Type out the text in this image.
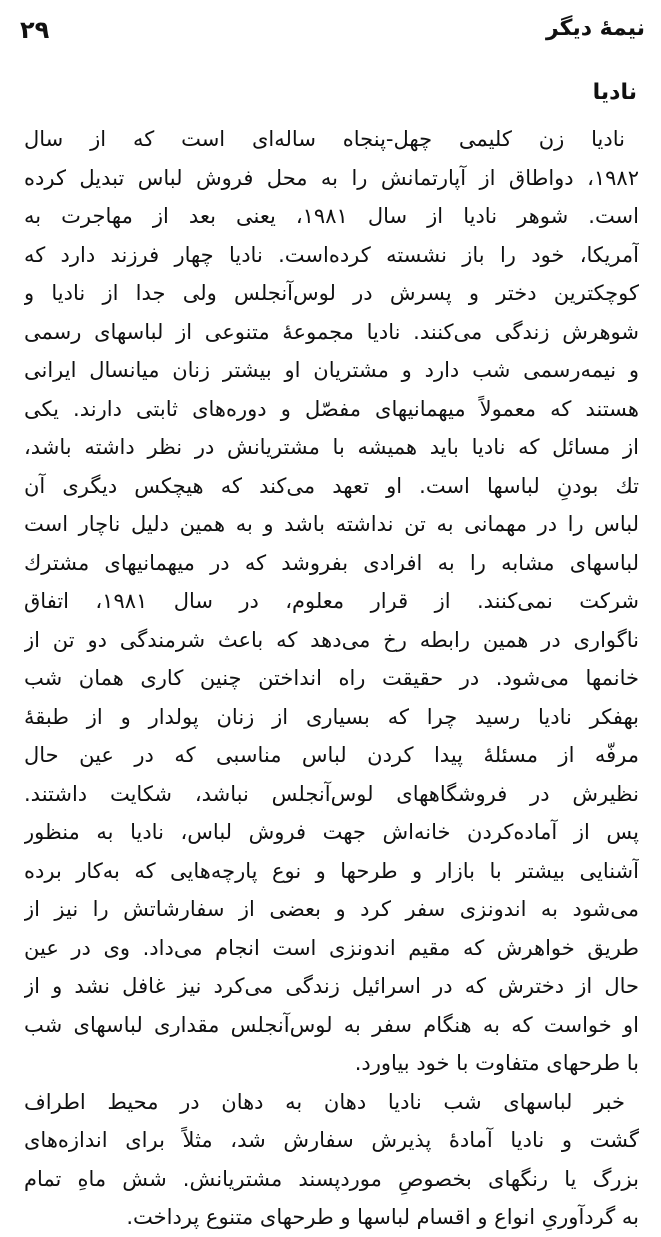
۲۹	نیمهٔ دیگر
نادیا
نادیا زن کلیمی چهل-پنجاه سالەای است که از سال
۱۹۸۲، دواطاق از آپارتمانش را به محل فروش لباس تبدیل کرده
است. شوهر نادیا از سال ۱۹۸۱، یعنی بعد از مهاجرت به
آمریکا، خود را باز نشسته کرده‌است. نادیا چهار فرزند دارد که
کوچکترین دختر و پسرش در لوس‌آنجلس ولی جدا از نادیا و
شوهرش زندگی می‌کنند. نادیا مجموعهٔ متنوعی از لباسهای رسمی
و نیمه‌رسمی شب دارد و مشتریان او بیشتر زنان میانسال ایرانی
هستند که معمولاً میهمانیهای مفصّل و دوره‌های ثابتی دارند. یکی
از مسائل که نادیا باید همیشه با مشتریانش در نظر داشته باشد،
تك بودنِ لباسها است. او تعهد می‌کند که هیچکس دیگری آن
لباس را در مهمانی به تن نداشته باشد و به همین دلیل ناچار است
لباسهای مشابه را به افرادی بفروشد که در میهمانیهای مشترك
شرکت نمی‌کنند. از قرار معلوم، در سال ۱۹۸۱، اتفاق
ناگواری در همین رابطه رخ می‌دهد که باعث شرمندگی دو تن از
خانمها می‌شود. در حقیقت راه انداختن چنین کاری همان شب
بهفکر نادیا رسید چرا که بسیاری از زنان پولدار و از طبقهٔ
مرفّه از مسئلهٔ پیدا کردن لباس مناسبی که در عین حال
نظیرش در فروشگاههای لوس‌آنجلس نباشد، شکایت داشتند.
پس از آماده‌کردن خانه‌اش جهت فروش لباس، نادیا به منظور
آشنایی بیشتر با بازار و طرحها و نوع پارچه‌هایی که به‌کار برده
می‌شود به اندونزی سفر کرد و بعضی از سفارشاتش را نیز از
طریق خواهرش که مقیم اندونزی است انجام می‌داد. وی در عین
حال از دخترش که در اسرائیل زندگی می‌کرد نیز غافل نشد و از
او خواست که به هنگام سفر به لوس‌آنجلس مقداری لباسهای شب
با طرحهای متفاوت با خود بیاورد.
خبر لباسهای شب نادیا دهان به دهان در محیط اطراف
گشت و نادیا آمادهٔ پذیرش سفارش شد، مثلاً برای اندازه‌های
بزرگ یا رنگهای بخصوصِ موردپسند مشتریانش. شش ماهِ تمام
به گردآوریِ انواع و اقسام لباسها و طرحهای متنوع پرداخت.
